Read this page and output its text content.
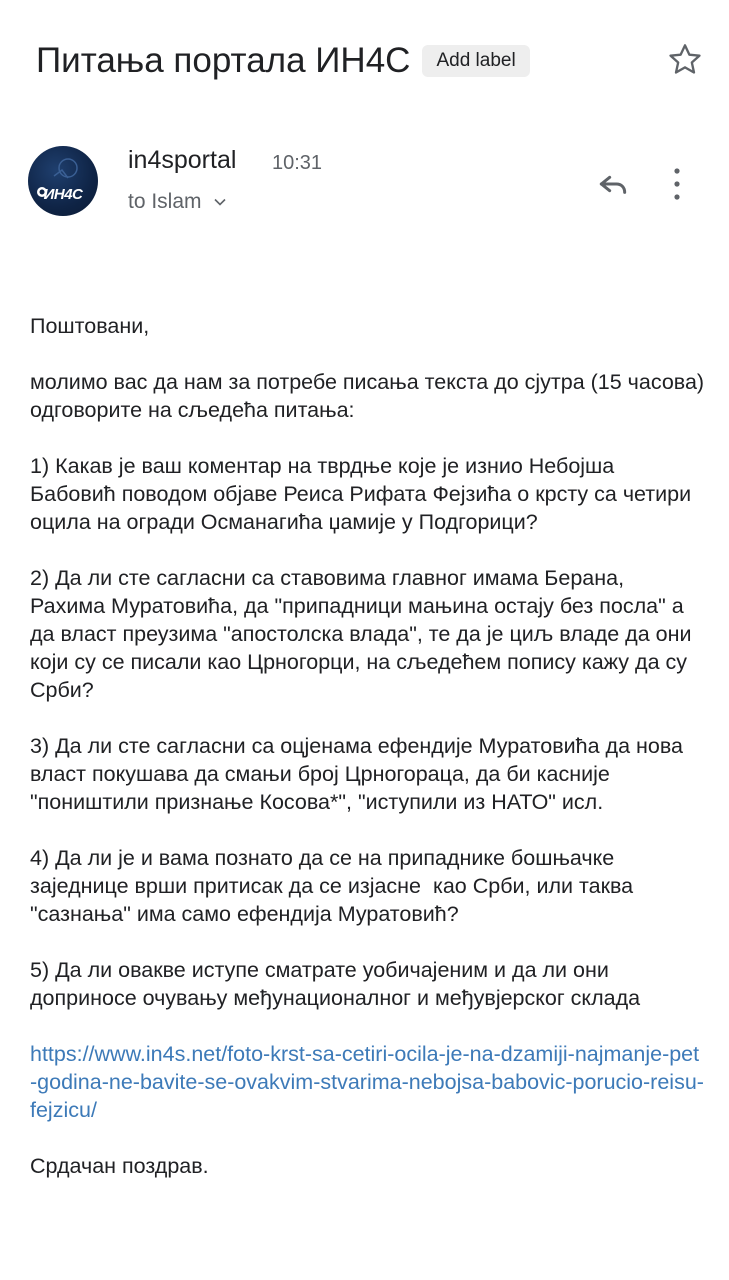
Питања портала ИН4С	Add label
ИН4С
in4sportal 10:31
to Islam

Поштовани,

молимо вас да нам за потребе писања текста до сјутра (15 часова) одговорите на сљедећа питања:

1) Какав је ваш коментар на тврдње које је изнио Небојша Бабовић поводом објаве Реиса Рифата Фејзића о крсту са четири оцила на огради Османагића џамије у Подгорици?

2) Да ли сте сагласни са ставовима главног имама Берана, Рахима Муратовића, да "припадници мањина остају без посла" а да власт преузима "апостолска влада", те да је циљ владе да они који су се писали као Црногорци, на сљедећем попису кажу да су Срби?

3) Да ли сте сагласни са оцјенама ефендије Муратовића да нова власт покушава да смањи број Црногораца, да би касније "поништили признање Косова*", "иступили из НАТО" исл.

4) Да ли је и вама познато да се на припаднике бошњачке заједнице врши притисак да се изјасне  као Срби, или таква "сазнања" има само ефендија Муратовић?

5) Да ли овакве иступе сматрате уобичајеним и да ли они доприносе очувању међунационалног и међувјерског склада

https://www.in4s.net/foto-krst-sa-cetiri-ocila-je-na-dzamiji-najmanje-pet-godina-ne-bavite-se-ovakvim-stvarima-nebojsa-babovic-porucio-reisu-fejzicu/

Срдачан поздрав.
